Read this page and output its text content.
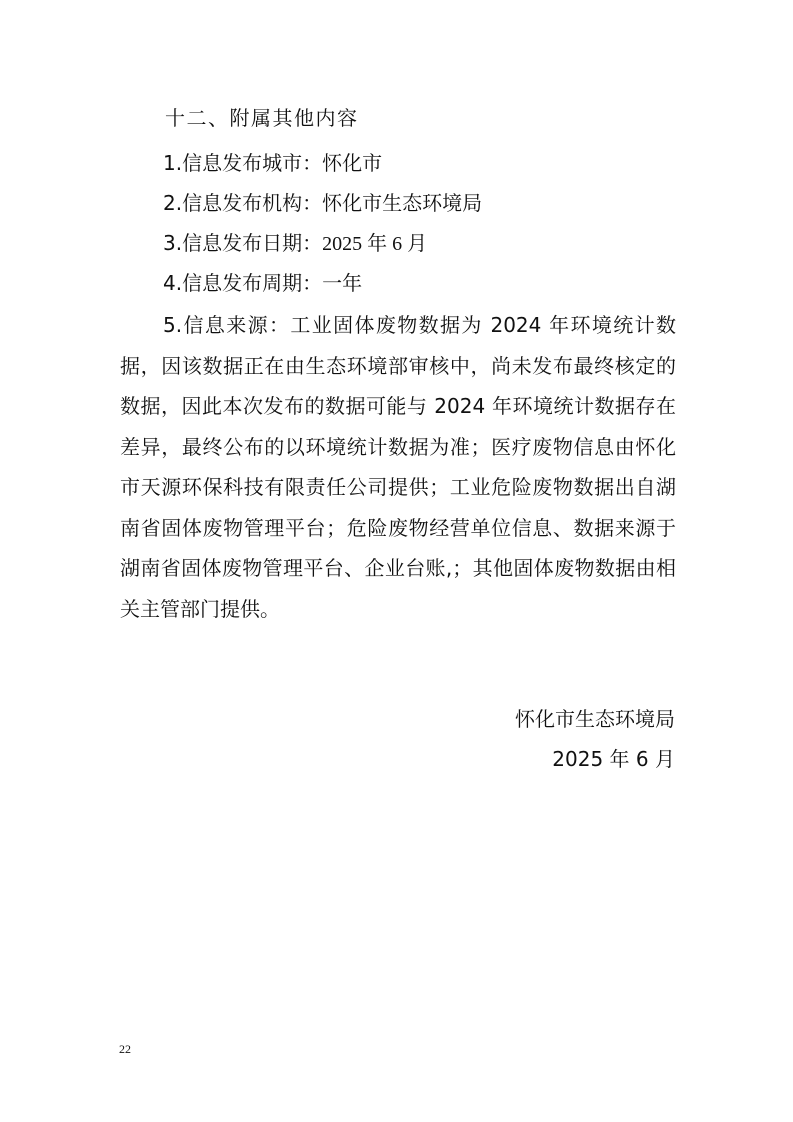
十二、附属其他内容
1.信息发布城市：怀化市
2.信息发布机构：怀化市生态环境局
3.信息发布日期：2025 年 6 月
4.信息发布周期：一年
5.信息来源：工业固体废物数据为 2024 年环境统计数据，因该数据正在由生态环境部审核中，尚未发布最终核定的数据，因此本次发布的数据可能与 2024 年环境统计数据存在差异，最终公布的以环境统计数据为准；医疗废物信息由怀化市天源环保科技有限责任公司提供；工业危险废物数据出自湖南省固体废物管理平台；危险废物经营单位信息、数据来源于湖南省固体废物管理平台、企业台账,；其他固体废物数据由相关主管部门提供。
怀化市生态环境局
2025 年 6 月
22
